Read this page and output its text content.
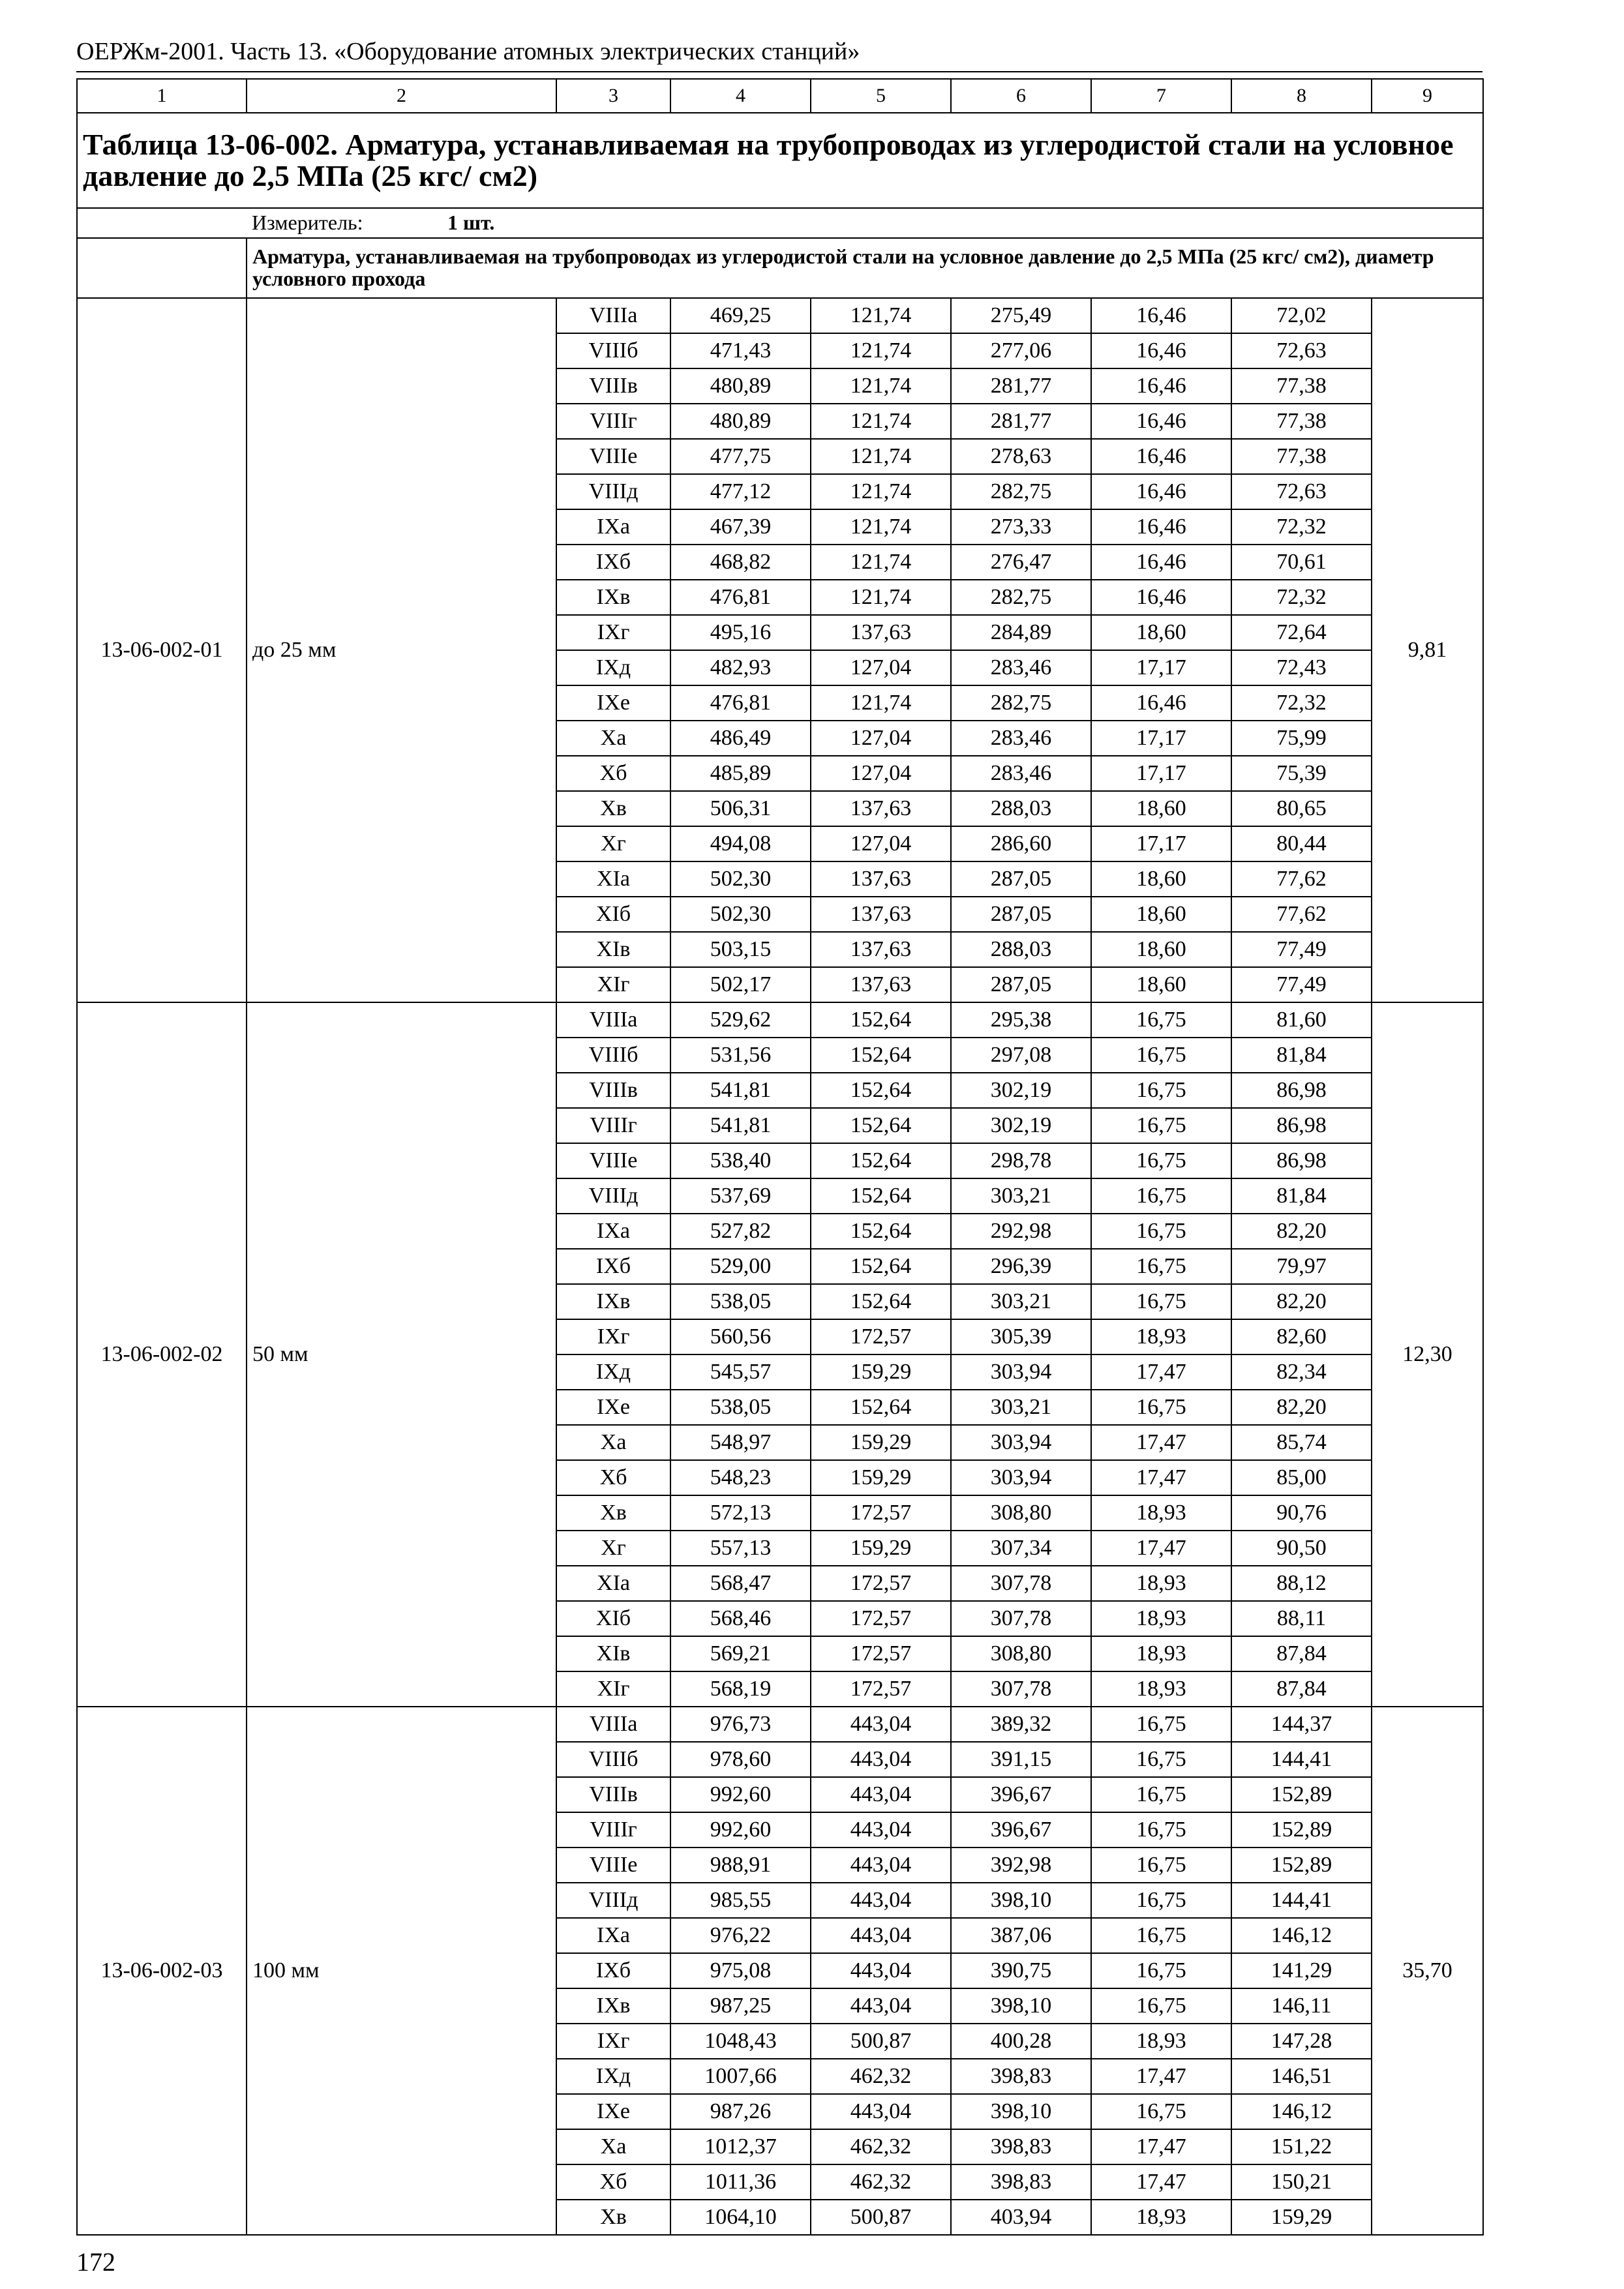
ОЕРЖм-2001. Часть 13. «Оборудование атомных электрических станций»
1	2	3	4	5	6	7	8	9
Таблица 13-06-002. Арматура, устанавливаемая на трубопроводах из углеродистой стали на условное давление до 2,5 МПа (25 кгс/ см2)								
	Измеритель: 1 шт.							
	Арматура, устанавливаемая на трубопроводах из углеродистой стали на условное давление до 2,5 МПа (25 кгс/ см2), диаметр условного прохода							
13-06-002-01	до 25 мм	VIIIа	469,25	121,74	275,49	16,46	72,02	9,81
		VIIIб	471,43	121,74	277,06	16,46	72,63	
		VIIIв	480,89	121,74	281,77	16,46	77,38	
		VIIIг	480,89	121,74	281,77	16,46	77,38	
		VIIIе	477,75	121,74	278,63	16,46	77,38	
		VIIIд	477,12	121,74	282,75	16,46	72,63	
		IXа	467,39	121,74	273,33	16,46	72,32	
		IXб	468,82	121,74	276,47	16,46	70,61	
		IXв	476,81	121,74	282,75	16,46	72,32	
		IXг	495,16	137,63	284,89	18,60	72,64	
		IXд	482,93	127,04	283,46	17,17	72,43	
		IXе	476,81	121,74	282,75	16,46	72,32	
		Xа	486,49	127,04	283,46	17,17	75,99	
		Xб	485,89	127,04	283,46	17,17	75,39	
		Xв	506,31	137,63	288,03	18,60	80,65	
		Xг	494,08	127,04	286,60	17,17	80,44	
		XIа	502,30	137,63	287,05	18,60	77,62	
		XIб	502,30	137,63	287,05	18,60	77,62	
		XIв	503,15	137,63	288,03	18,60	77,49	
		XIг	502,17	137,63	287,05	18,60	77,49	
13-06-002-02	50 мм	VIIIа	529,62	152,64	295,38	16,75	81,60	12,30
		VIIIб	531,56	152,64	297,08	16,75	81,84	
		VIIIв	541,81	152,64	302,19	16,75	86,98	
		VIIIг	541,81	152,64	302,19	16,75	86,98	
		VIIIе	538,40	152,64	298,78	16,75	86,98	
		VIIIд	537,69	152,64	303,21	16,75	81,84	
		IXа	527,82	152,64	292,98	16,75	82,20	
		IXб	529,00	152,64	296,39	16,75	79,97	
		IXв	538,05	152,64	303,21	16,75	82,20	
		IXг	560,56	172,57	305,39	18,93	82,60	
		IXд	545,57	159,29	303,94	17,47	82,34	
		IXе	538,05	152,64	303,21	16,75	82,20	
		Xа	548,97	159,29	303,94	17,47	85,74	
		Xб	548,23	159,29	303,94	17,47	85,00	
		Xв	572,13	172,57	308,80	18,93	90,76	
		Xг	557,13	159,29	307,34	17,47	90,50	
		XIа	568,47	172,57	307,78	18,93	88,12	
		XIб	568,46	172,57	307,78	18,93	88,11	
		XIв	569,21	172,57	308,80	18,93	87,84	
		XIг	568,19	172,57	307,78	18,93	87,84	
13-06-002-03	100 мм	VIIIа	976,73	443,04	389,32	16,75	144,37	35,70
		VIIIб	978,60	443,04	391,15	16,75	144,41	
		VIIIв	992,60	443,04	396,67	16,75	152,89	
		VIIIг	992,60	443,04	396,67	16,75	152,89	
		VIIIе	988,91	443,04	392,98	16,75	152,89	
		VIIIд	985,55	443,04	398,10	16,75	144,41	
		IXа	976,22	443,04	387,06	16,75	146,12	
		IXб	975,08	443,04	390,75	16,75	141,29	
		IXв	987,25	443,04	398,10	16,75	146,11	
		IXг	1048,43	500,87	400,28	18,93	147,28	
		IXд	1007,66	462,32	398,83	17,47	146,51	
		IXе	987,26	443,04	398,10	16,75	146,12	
		Xа	1012,37	462,32	398,83	17,47	151,22	
		Xб	1011,36	462,32	398,83	17,47	150,21	
		Xв	1064,10	500,87	403,94	18,93	159,29	
172
